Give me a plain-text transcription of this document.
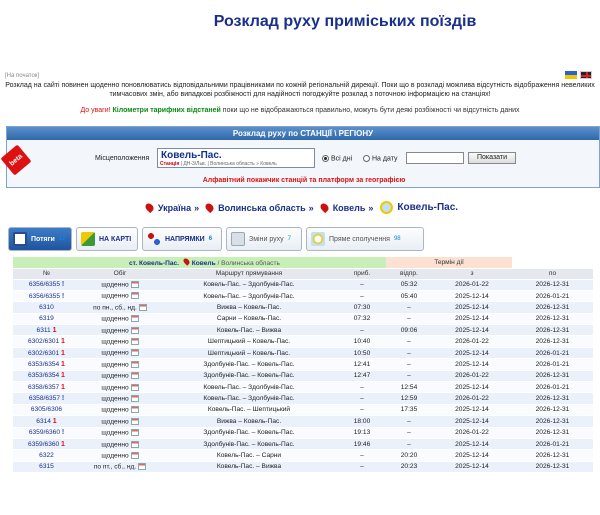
Розклад руху приміських поїздів
[На початок]
Розклад на сайті повинен щоденно поновлюватись відповідальними працівниками по кожній регіональній дирекції. Поки що в розкладі можлива відсутність відображення невеликих тимчасових змін, або випадкові розбіжності для надійності погоджуйте розклад з поточною інформацією на станціях!
До уваги! Кілометри тарифних відстаней поки що не відображаються правильно, можуть бути деякі розбіжності чи відсутність даних
Розклад руху по СТАНЦІЇ \ РЕГІОНУ
beta	Місцеположення Ковель-Пас.
Станція | ДН-3/Льв. | Волинська область » Ковель
Всі дні	На дату	Показати
Алфавітний покажчик станцій та платформ за географією
Україна » Волинська область » Ковель » Ковель-Пас.
Потяги 17	НА КАРТІ	НАПРЯМКИ 6	Зміни руху 7	Пряме сполучення 98
ст. Ковель-Пас. Ковель / Волинська область				Термін дії		
№	Обіг	Маршрут прямування	приб.	відпр.	з	по
6356/6355 !	щоденно	Ковель-Пас. – Здолбунів-Пас.	–	05:32	2026-01-22	2026-12-31
6356/6355 !	щоденно	Ковель-Пас. – Здолбунів-Пас.	–	05:40	2025-12-14	2026-01-21
6310	по пн., сб., нд.	Вижва – Ковель-Пас.	07:30	–	2025-12-14	2026-12-31
6319	щоденно	Сарни – Ковель-Пас.	07:32	–	2025-12-14	2026-12-31
6311 1	щоденно	Ковель-Пас. – Вижва	–	09:06	2025-12-14	2026-12-31
6302/6301 1	щоденно	Шептицький – Ковель-Пас.	10:40	–	2026-01-22	2026-12-31
6302/6301 1	щоденно	Шептицький – Ковель-Пас.	10:50	–	2025-12-14	2026-01-21
6353/6354 1	щоденно	Здолбунів-Пас. – Ковель-Пас.	12:41	–	2025-12-14	2026-01-21
6353/6354 1	щоденно	Здолбунів-Пас. – Ковель-Пас.	12:47	–	2026-01-22	2026-12-31
6358/6357 1	щоденно	Ковель-Пас. – Здолбунів-Пас.	–	12:54	2025-12-14	2026-01-21
6358/6357 !	щоденно	Ковель-Пас. – Здолбунів-Пас.	–	12:59	2026-01-22	2026-12-31
6305/6306	щоденно	Ковель-Пас. – Шептицький	–	17:35	2025-12-14	2026-12-31
6314 1	щоденно	Вижва – Ковель-Пас.	18:00	–	2025-12-14	2026-12-31
6359/6360 !	щоденно	Здолбунів-Пас. – Ковель-Пас.	19:13	–	2026-01-22	2026-12-31
6359/6360 1	щоденно	Здолбунів-Пас. – Ковель-Пас.	19:46	–	2025-12-14	2026-01-21
6322	щоденно	Ковель-Пас. – Сарни	–	20:20	2025-12-14	2026-12-31
6315	по пт., сб., нд.	Ковель-Пас. – Вижва	–	20:23	2025-12-14	2026-12-31
